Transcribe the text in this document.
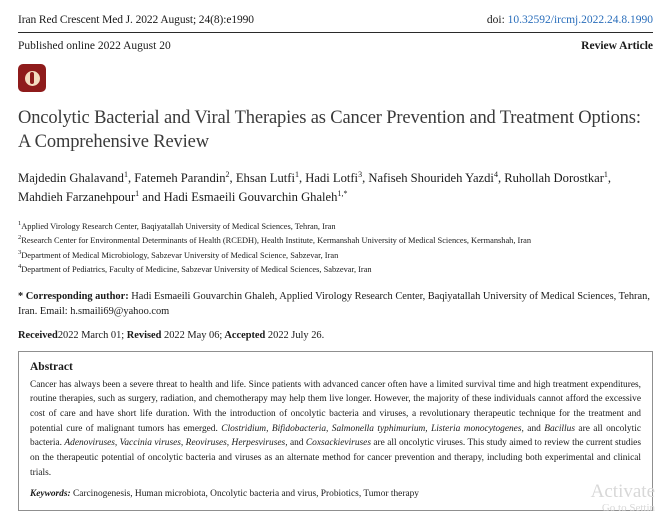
Iran Red Crescent Med J. 2022 August; 24(8):e1990	doi: 10.32592/ircmj.2022.24.8.1990
Published online 2022 August 20	Review Article
Oncolytic Bacterial and Viral Therapies as Cancer Prevention and Treatment Options: A Comprehensive Review
Majdedin Ghalavand$^1$, Fatemeh Parandin$^2$, Ehsan Lutfi$^1$, Hadi Lotfi$^3$, Nafiseh Shourideh Yazdi$^4$, Ruhollah Dorostkar$^1$, Mahdieh Farzanehpour$^1$ and Hadi Esmaeili Gouvarchin Ghaleh$^{1,*}$
$^1$Applied Virology Research Center, Baqiyatallah University of Medical Sciences, Tehran, Iran
$^2$Research Center for Environmental Determinants of Health (RCEDH), Health Institute, Kermanshah University of Medical Sciences, Kermanshah, Iran
$^3$Department of Medical Microbiology, Sabzevar University of Medical Science, Sabzevar, Iran
$^4$Department of Pediatrics, Faculty of Medicine, Sabzevar University of Medical Sciences, Sabzevar, Iran
* Corresponding author: Hadi Esmaeili Gouvarchin Ghaleh, Applied Virology Research Center, Baqiyatallah University of Medical Sciences, Tehran, Iran. Email: h.smaili69@yahoo.com
Received2022 March 01; Revised 2022 May 06; Accepted 2022 July 26.
Abstract
Cancer has always been a severe threat to health and life. Since patients with advanced cancer often have a limited survival time and high treatment expenditures, routine therapies, such as surgery, radiation, and chemotherapy may help them live longer. However, the majority of these individuals cannot afford the excessive cost of care and have short life duration. With the introduction of oncolytic bacteria and viruses, a revolutionary therapeutic technique for the treatment and potential cure of malignant tumors has emerged. Clostridium, Bifidobacteria, Salmonella typhimurium, Listeria monocytogenes, and Bacillus are all oncolytic bacteria. Adenoviruses, Vaccinia viruses, Reoviruses, Herpesviruses, and Coxsackieviruses are all oncolytic viruses. This study aimed to review the current studies on the therapeutic potential of oncolytic bacteria and viruses as an alternate method for cancer prevention and therapy, including both experimental and clinical trials.
Keywords: Carcinogenesis, Human microbiota, Oncolytic bacteria and virus, Probiotics, Tumor therapy	Activate
Go to Settin
